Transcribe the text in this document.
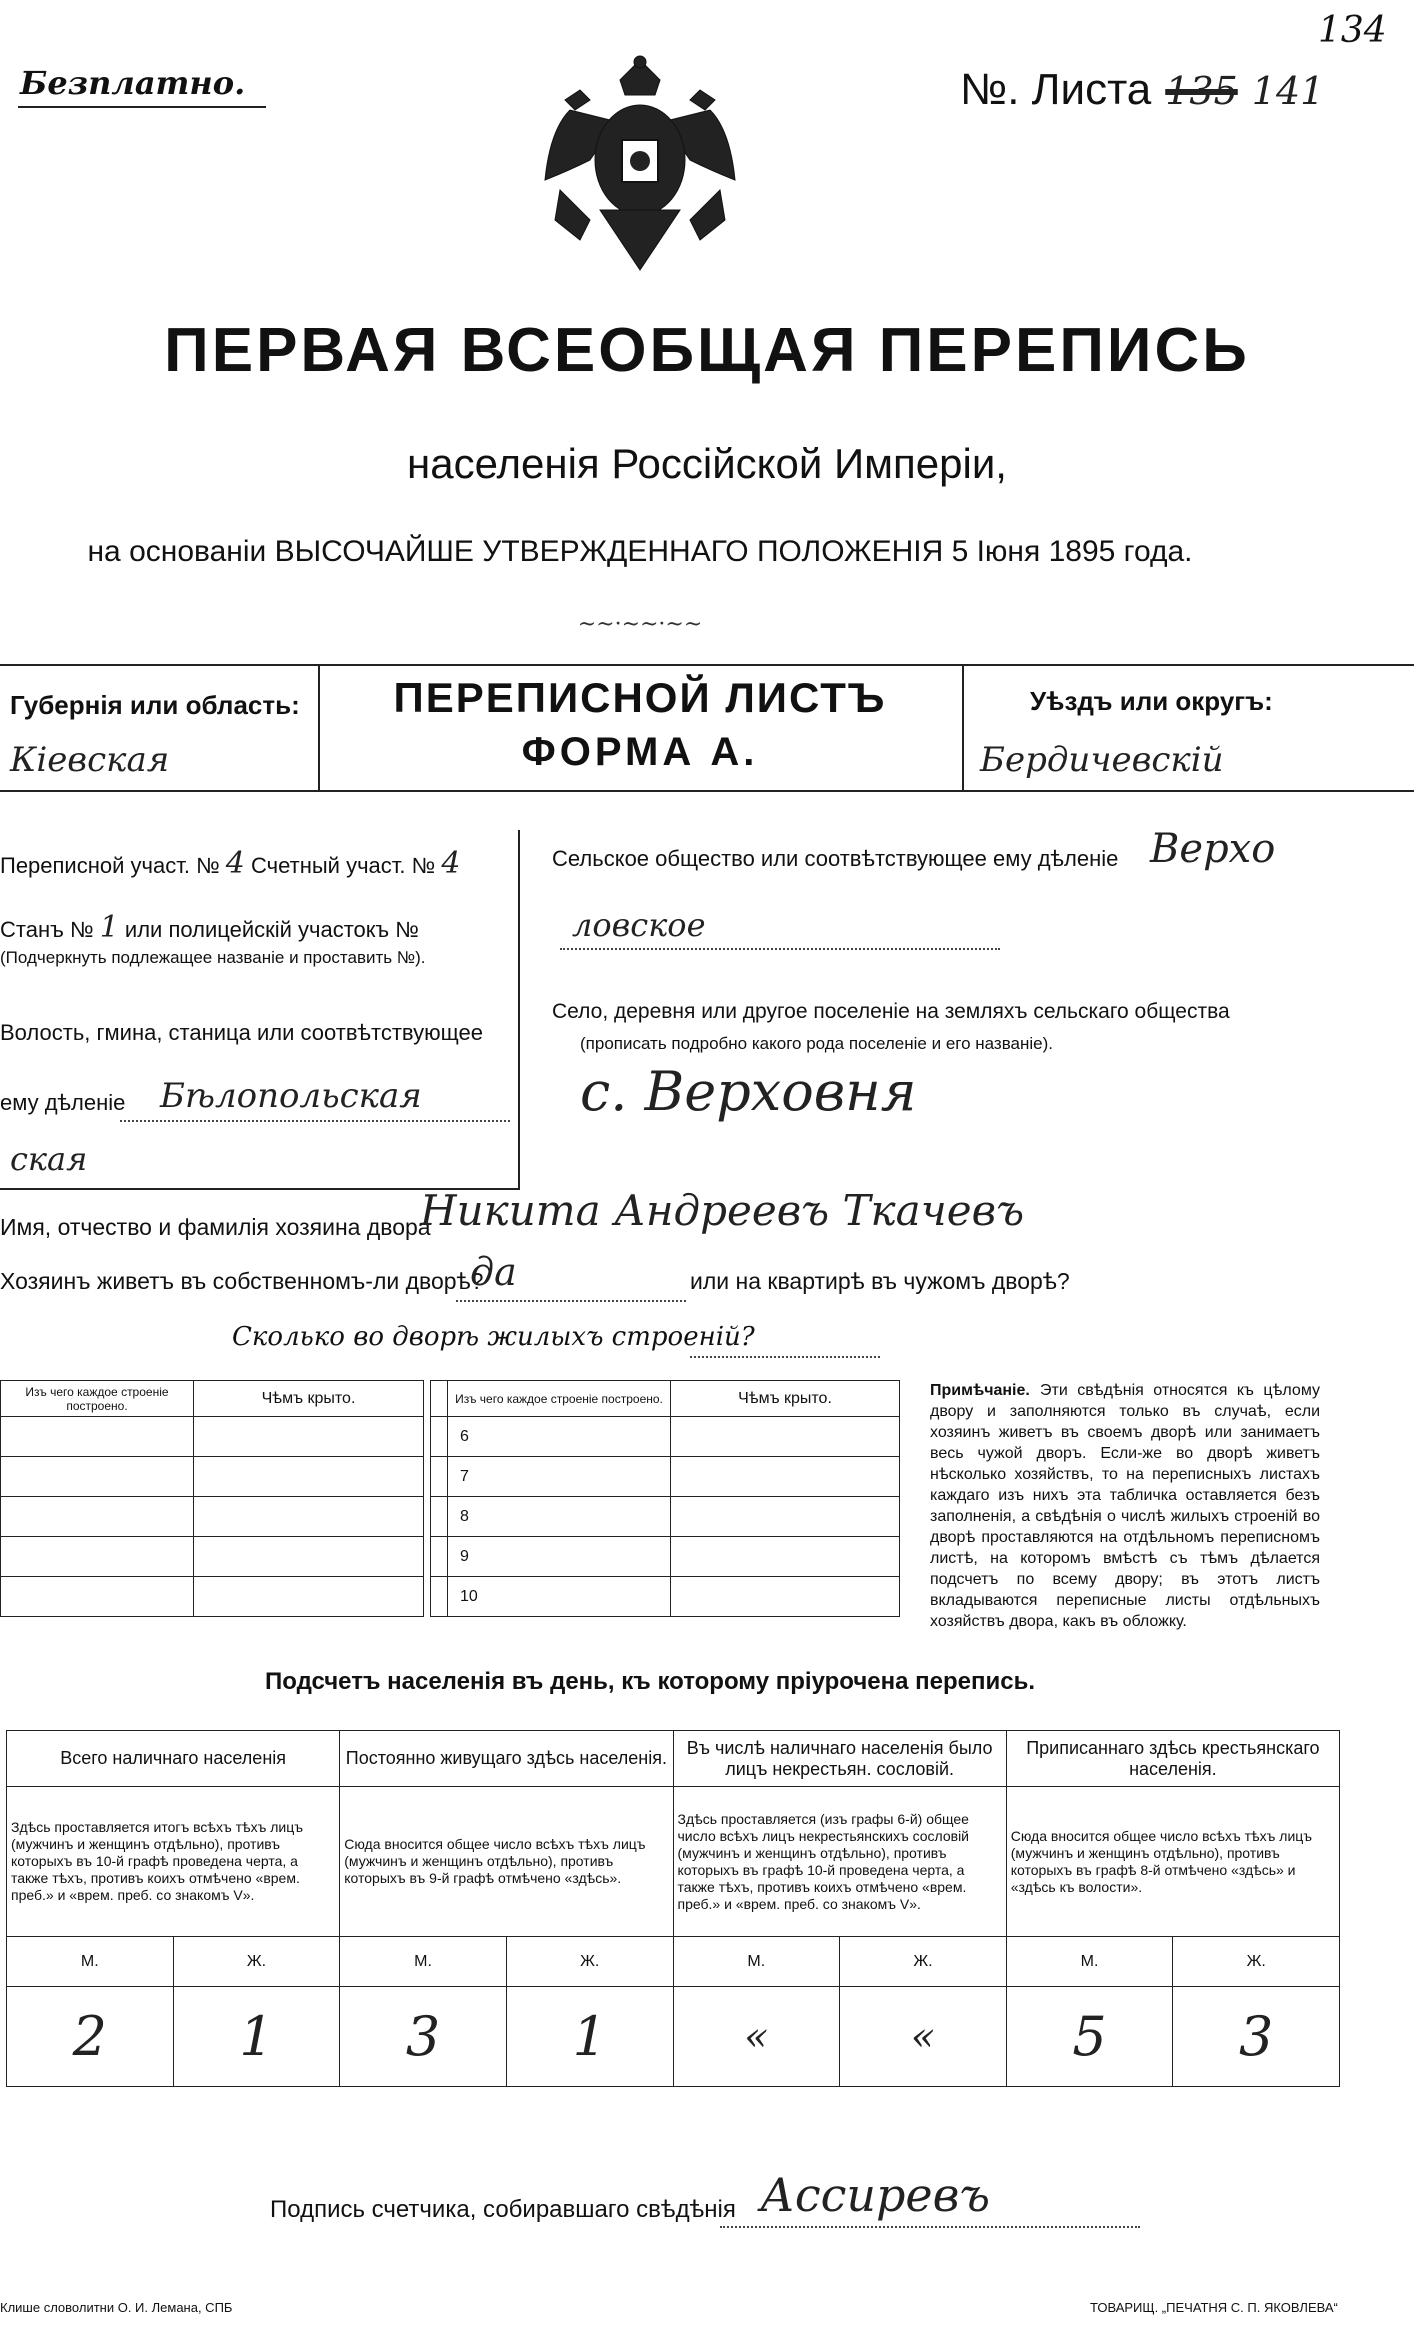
Безплатно.
134
№. Листа 135 141
ПЕРВАЯ ВСЕОБЩАЯ ПЕРЕПИСЬ
населенія Россійской Имперіи,
на основаніи ВЫСОЧАЙШЕ УТВЕРЖДЕННАГО ПОЛОЖЕНІЯ 5 Іюня 1895 года.
~~·~~·~~
Губернія или область:
Кіевская
ПЕРЕПИСНОЙ ЛИСТЪ
ФОРМА А.
Уѣздъ или округъ:
Бердичевскій
Переписной участ. № 4 Счетный участ. № 4
Станъ № 1 или полицейскій участокъ №
(Подчеркнуть подлежащее названіе и проставить №).
Волость, гмина, станица или соотвѣтствующее
ему дѣленіе Бѣлопольская
ская
Сельское общество или соотвѣтствующее ему дѣленіе Верхо
ловское
Село, деревня или другое поселеніе на земляхъ сельскаго общества
(прописать подробно какого рода поселеніе и его названіе).
с. Верховня
Имя, отчество и фамилія хозяина двора
Никита Андреевъ Ткачевъ
Хозяинъ живетъ въ собственномъ-ли дворѣ?
да	или на квартирѣ въ чужомъ дворѣ?
Сколько во дворѣ жилыхъ строеній?
Изъ чего каждое строеніе построено.	Чѣмъ крыто.

		Изъ чего каждое строеніе построено.	Чѣмъ крыто.
	6	
	7	
	8	
	9	
	10	
Примѣчаніе. Эти свѣдѣнія относятся къ цѣлому двору и заполняются только въ случаѣ, если хозяинъ живетъ въ своемъ дворѣ или занимаетъ весь чужой дворъ. Если-же во дворѣ живетъ нѣсколько хозяйствъ, то на переписныхъ листахъ каждаго изъ нихъ эта табличка оставляется безъ заполненія, а свѣдѣнія о числѣ жилыхъ строеній во дворѣ проставляются на отдѣльномъ переписномъ листѣ, на которомъ вмѣстѣ съ тѣмъ дѣлается подсчетъ по всему двору; въ этотъ листъ вкладываются переписные листы отдѣльныхъ хозяйствъ двора, какъ въ обложку.
Подсчетъ населенія въ день, къ которому пріурочена перепись.
Всего наличнаго населенія		Постоянно живущаго здѣсь населенія.		Въ числѣ наличнаго населенія было лицъ некрестьян. сословій.		Приписаннаго здѣсь крестьянскаго населенія.	
Здѣсь проставляется итогъ всѣхъ тѣхъ лицъ (мужчинъ и женщинъ отдѣльно), противъ которыхъ въ 10-й графѣ проведена черта, а также тѣхъ, противъ коихъ отмѣчено «врем. преб.» и «врем. преб. со знакомъ V».		Сюда вносится общее число всѣхъ тѣхъ лицъ (мужчинъ и женщинъ отдѣльно), противъ которыхъ въ 9-й графѣ отмѣчено «здѣсь».		Здѣсь проставляется (изъ графы 6-й) общее число всѣхъ лицъ некрестьянскихъ сословій (мужчинъ и женщинъ отдѣльно), противъ которыхъ въ графѣ 10-й проведена черта, а также тѣхъ, противъ коихъ отмѣчено «врем. преб.» и «врем. преб. со знакомъ V».		Сюда вносится общее число всѣхъ тѣхъ лицъ (мужчинъ и женщинъ отдѣльно), противъ которыхъ въ графѣ 8-й отмѣчено «здѣсь» и «здѣсь къ волости».	
М.	Ж.	М.	Ж.	М.	Ж.	М.	Ж.
2	1	3	1	«	«	5	3
Подпись счетчика, собиравшаго свѣдѣнія Ассиревъ
Клише словолитни О. И. Лемана, СПБ	ТОВАРИЩ. „ПЕЧАТНЯ С. П. ЯКОВЛЕВА“
